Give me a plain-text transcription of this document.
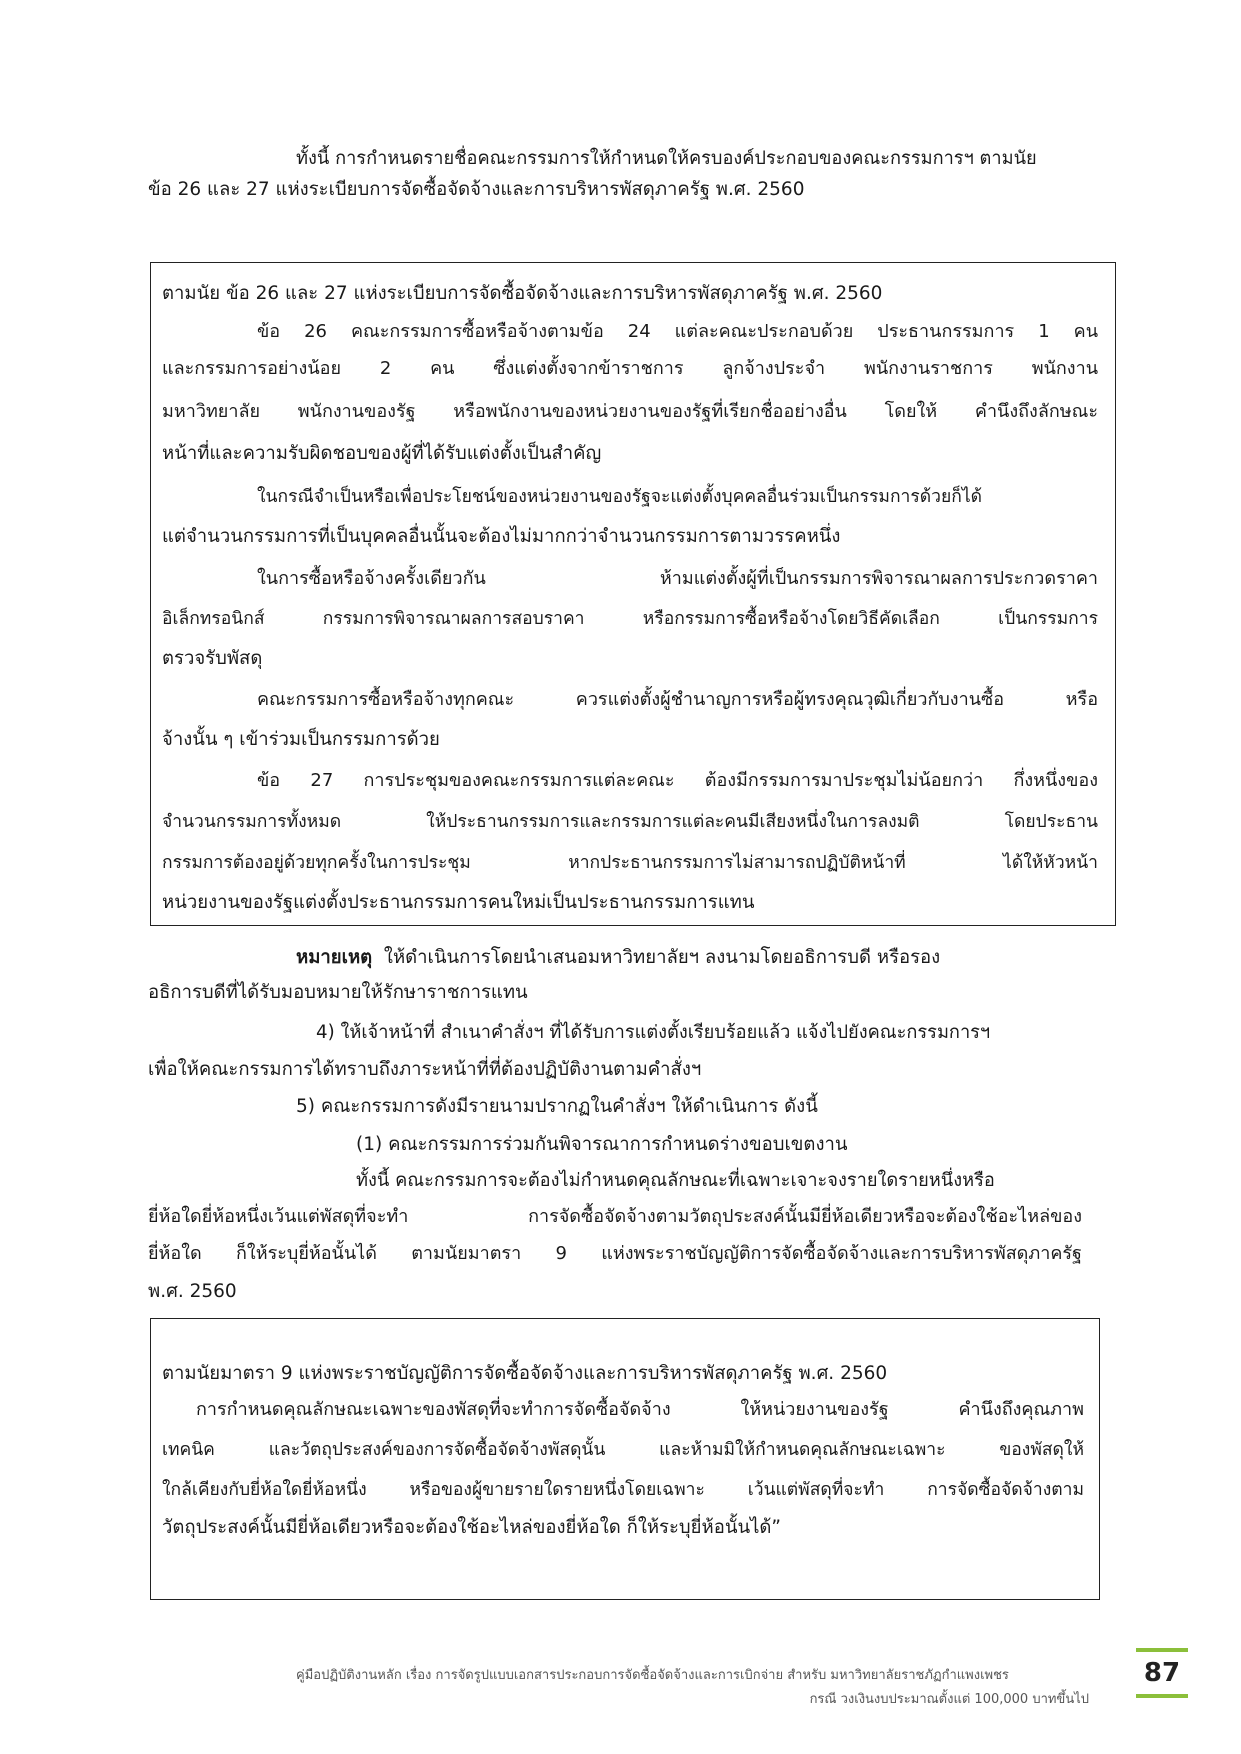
ทั้งนี้ การกำหนดรายชื่อคณะกรรมการให้กำหนดให้ครบองค์ประกอบของคณะกรรมการฯ ตามนัย

ข้อ 26 และ 27 แห่งระเบียบการจัดซื้อจัดจ้างและการบริหารพัสดุภาครัฐ พ.ศ. 2560

ตามนัย ข้อ 26 และ 27 แห่งระเบียบการจัดซื้อจัดจ้างและการบริหารพัสดุภาครัฐ พ.ศ. 2560

ข้อ 26 คณะกรรมการซื้อหรือจ้างตามข้อ 24 แต่ละคณะประกอบด้วย ประธานกรรมการ 1 คน

และกรรมการอย่างน้อย 2 คน ซึ่งแต่งตั้งจากข้าราชการ ลูกจ้างประจำ พนักงานราชการ พนักงาน

มหาวิทยาลัย พนักงานของรัฐ หรือพนักงานของหน่วยงานของรัฐที่เรียกชื่ออย่างอื่น โดยให้ คำนึงถึงลักษณะ

หน้าที่และความรับผิดชอบของผู้ที่ได้รับแต่งตั้งเป็นสำคัญ

ในกรณีจำเป็นหรือเพื่อประโยชน์ของหน่วยงานของรัฐจะแต่งตั้งบุคคลอื่นร่วมเป็นกรรมการด้วยก็ได้

แต่จำนวนกรรมการที่เป็นบุคคลอื่นนั้นจะต้องไม่มากกว่าจำนวนกรรมการตามวรรคหนึ่ง

ในการซื้อหรือจ้างครั้งเดียวกัน ห้ามแต่งตั้งผู้ที่เป็นกรรมการพิจารณาผลการประกวดราคา

อิเล็กทรอนิกส์ กรรมการพิจารณาผลการสอบราคา หรือกรรมการซื้อหรือจ้างโดยวิธีคัดเลือก เป็นกรรมการ

ตรวจรับพัสดุ

คณะกรรมการซื้อหรือจ้างทุกคณะ ควรแต่งตั้งผู้ชำนาญการหรือผู้ทรงคุณวุฒิเกี่ยวกับงานซื้อ หรือ

จ้างนั้น ๆ เข้าร่วมเป็นกรรมการด้วย

ข้อ 27 การประชุมของคณะกรรมการแต่ละคณะ ต้องมีกรรมการมาประชุมไม่น้อยกว่า กึ่งหนึ่งของ

จำนวนกรรมการทั้งหมด ให้ประธานกรรมการและกรรมการแต่ละคนมีเสียงหนึ่งในการลงมติ โดยประธาน

กรรมการต้องอยู่ด้วยทุกครั้งในการประชุม หากประธานกรรมการไม่สามารถปฏิบัติหน้าที่ ได้ให้หัวหน้า

หน่วยงานของรัฐแต่งตั้งประธานกรรมการคนใหม่เป็นประธานกรรมการแทน

หมายเหตุ ให้ดำเนินการโดยนำเสนอมหาวิทยาลัยฯ ลงนามโดยอธิการบดี หรือรอง

อธิการบดีที่ได้รับมอบหมายให้รักษาราชการแทน

4) ให้เจ้าหน้าที่ สำเนาคำสั่งฯ ที่ได้รับการแต่งตั้งเรียบร้อยแล้ว แจ้งไปยังคณะกรรมการฯ

เพื่อให้คณะกรรมการได้ทราบถึงภาระหน้าที่ที่ต้องปฏิบัติงานตามคำสั่งฯ

5) คณะกรรมการดังมีรายนามปรากฏในคำสั่งฯ ให้ดำเนินการ ดังนี้

(1) คณะกรรมการร่วมกันพิจารณาการกำหนดร่างขอบเขตงาน

ทั้งนี้ คณะกรรมการจะต้องไม่กำหนดคุณลักษณะที่เฉพาะเจาะจงรายใดรายหนึ่งหรือ

ยี่ห้อใดยี่ห้อหนึ่งเว้นแต่พัสดุที่จะทำ การจัดซื้อจัดจ้างตามวัตถุประสงค์นั้นมียี่ห้อเดียวหรือจะต้องใช้อะไหล่ของ

ยี่ห้อใด ก็ให้ระบุยี่ห้อนั้นได้ ตามนัยมาตรา 9 แห่งพระราชบัญญัติการจัดซื้อจัดจ้างและการบริหารพัสดุภาครัฐ

พ.ศ. 2560

ตามนัยมาตรา 9 แห่งพระราชบัญญัติการจัดซื้อจัดจ้างและการบริหารพัสดุภาครัฐ พ.ศ. 2560

การกำหนดคุณลักษณะเฉพาะของพัสดุที่จะทำการจัดซื้อจัดจ้าง ให้หน่วยงานของรัฐ คำนึงถึงคุณภาพ

เทคนิค และวัตถุประสงค์ของการจัดซื้อจัดจ้างพัสดุนั้น และห้ามมิให้กำหนดคุณลักษณะเฉพาะ ของพัสดุให้

ใกล้เคียงกับยี่ห้อใดยี่ห้อหนึ่ง หรือของผู้ขายรายใดรายหนึ่งโดยเฉพาะ เว้นแต่พัสดุที่จะทำ การจัดซื้อจัดจ้างตาม

วัตถุประสงค์นั้นมียี่ห้อเดียวหรือจะต้องใช้อะไหล่ของยี่ห้อใด ก็ให้ระบุยี่ห้อนั้นได้”

คู่มือปฏิบัติงานหลัก เรื่อง การจัดรูปแบบเอกสารประกอบการจัดซื้อจัดจ้างและการเบิกจ่าย สำหรับ มหาวิทยาลัยราชภัฏกำแพงเพชร
กรณี วงเงินงบประมาณตั้งแต่ 100,000 บาทขึ้นไป
87
